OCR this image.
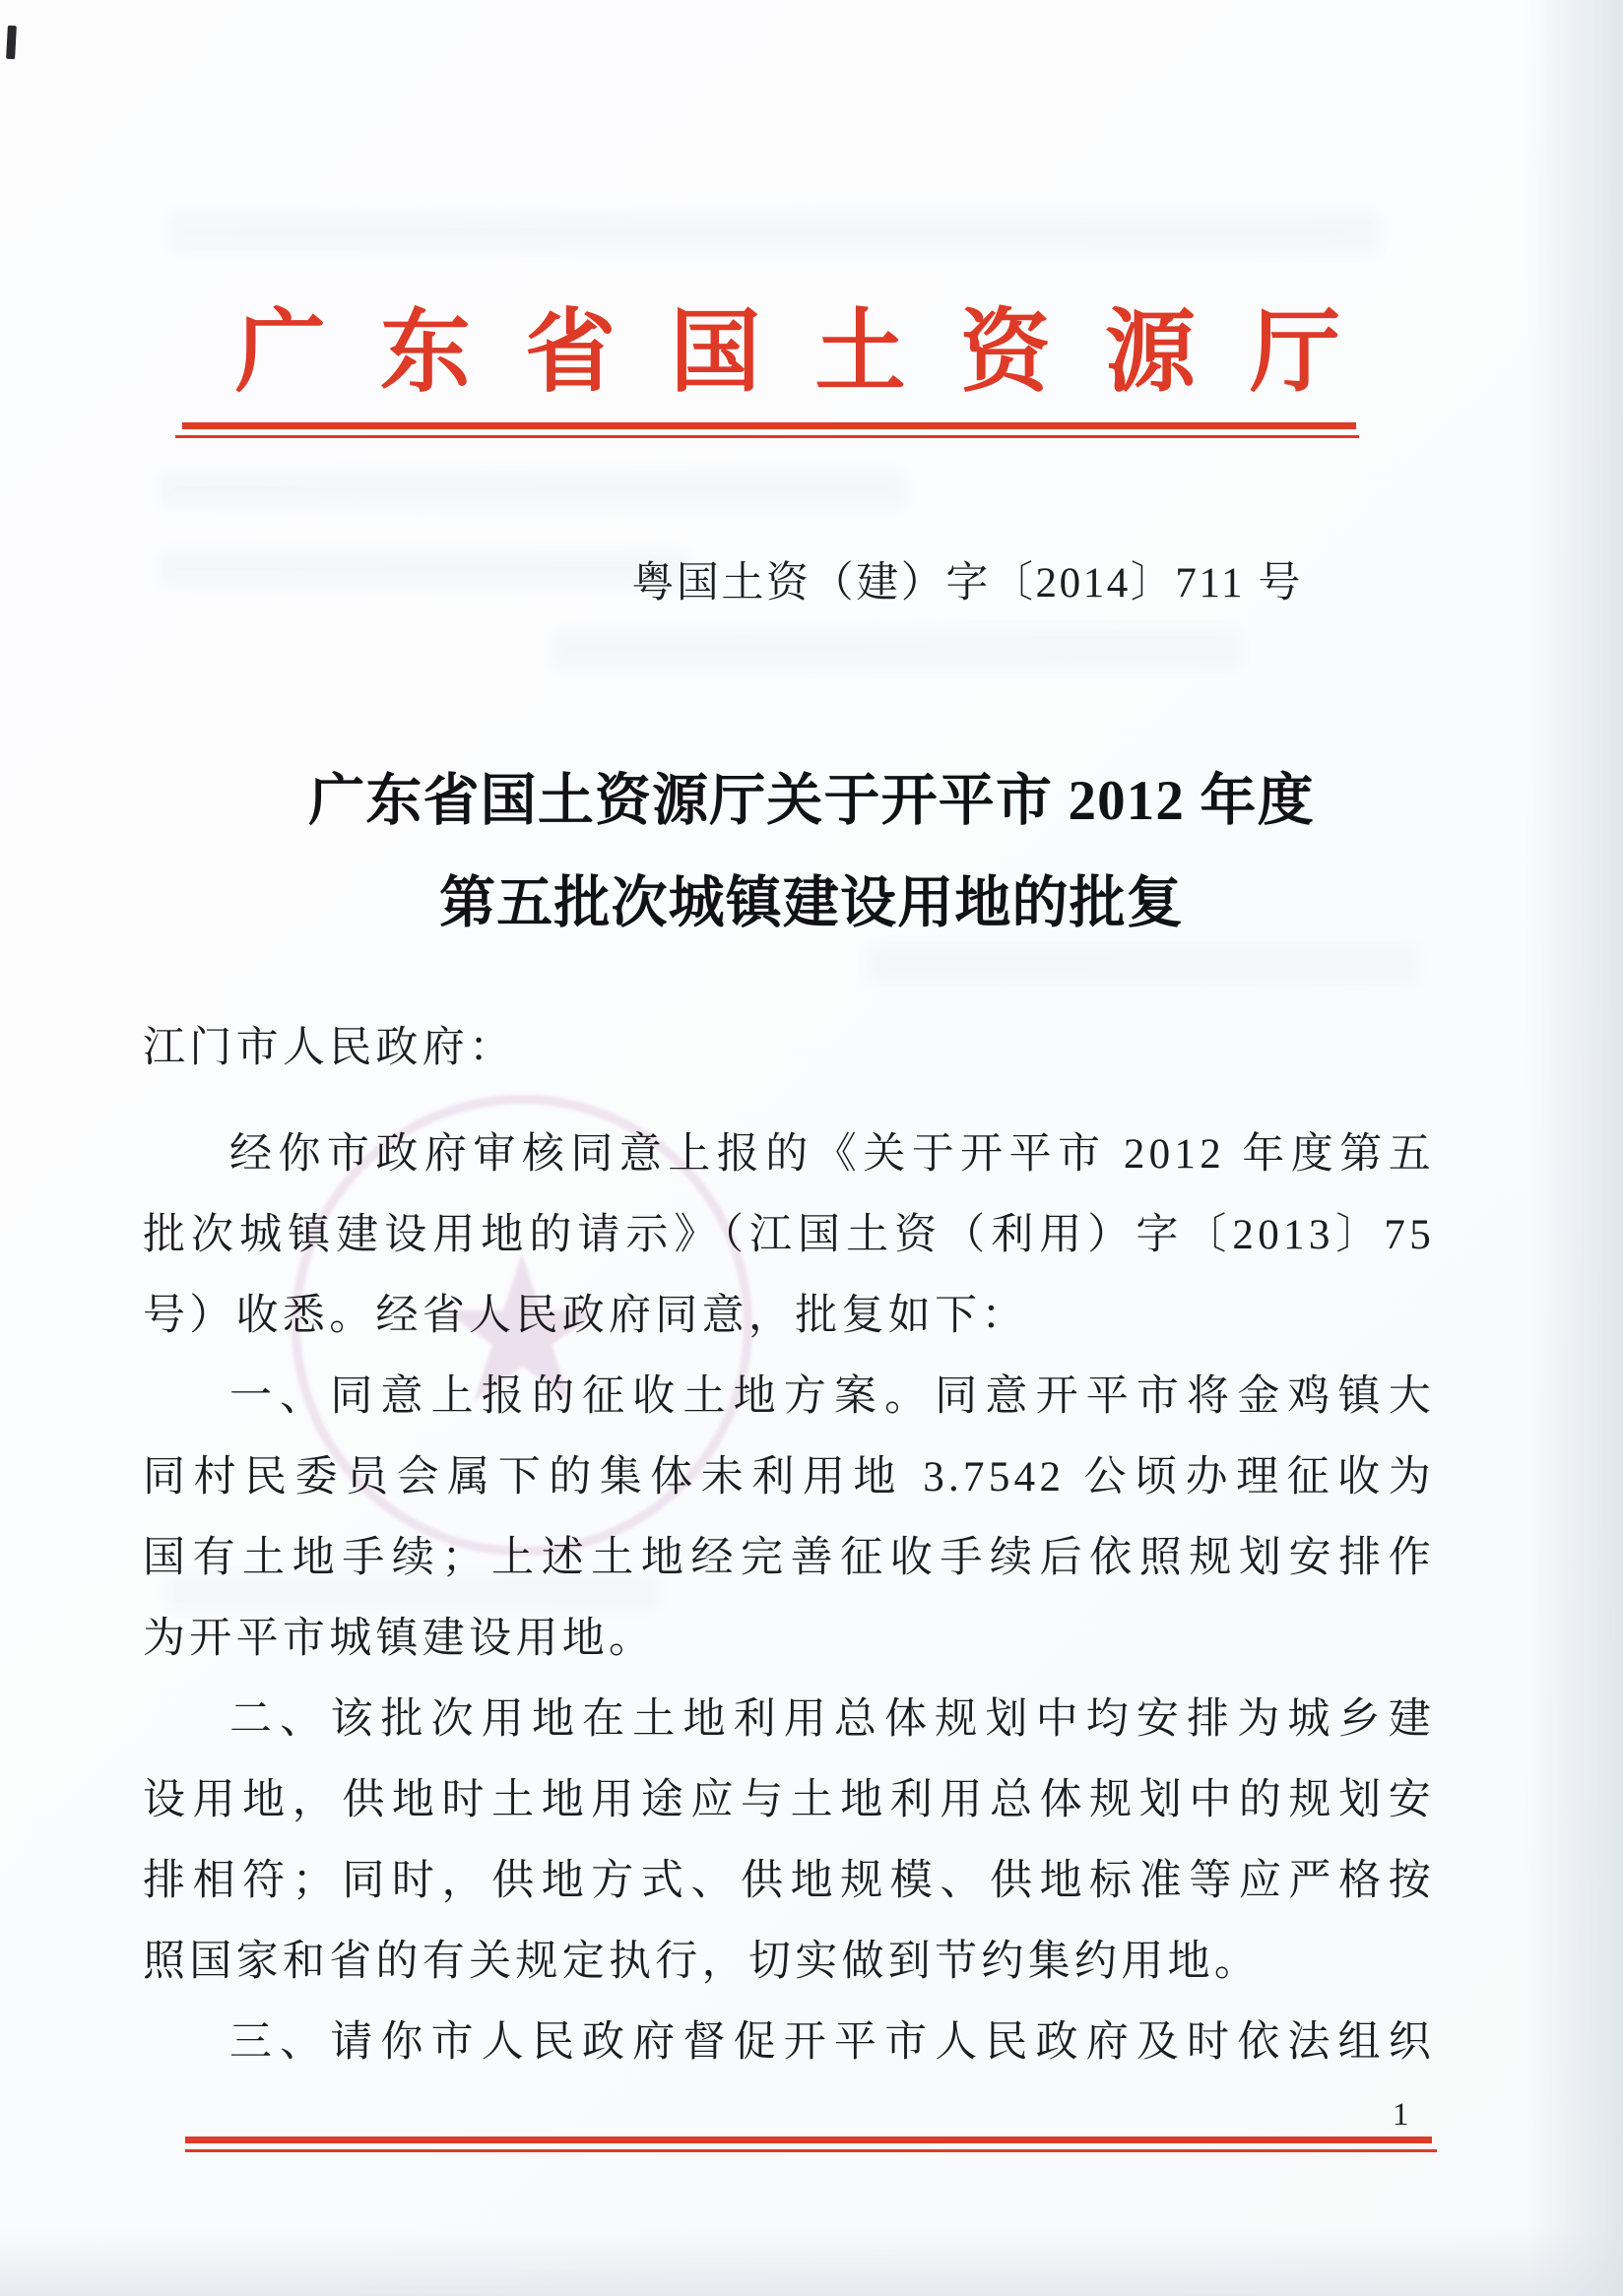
★
广东省国土资源厅
粤国土资（建）字〔2014〕711 号
广东省国土资源厅关于开平市 2012 年度
第五批次城镇建设用地的批复
江门市人民政府：
经你市政府审核同意上报的《关于开平市 2012 年度第五
批次城镇建设用地的请示》（江国土资（利用）字〔2013〕75
号）收悉。经省人民政府同意，批复如下：
一、同意上报的征收土地方案。同意开平市将金鸡镇大
同村民委员会属下的集体未利用地 3.7542 公顷办理征收为
国有土地手续；上述土地经完善征收手续后依照规划安排作
为开平市城镇建设用地。
二、该批次用地在土地利用总体规划中均安排为城乡建
设用地，供地时土地用途应与土地利用总体规划中的规划安
排相符；同时，供地方式、供地规模、供地标准等应严格按
照国家和省的有关规定执行，切实做到节约集约用地。
三、请你市人民政府督促开平市人民政府及时依法组织
1
